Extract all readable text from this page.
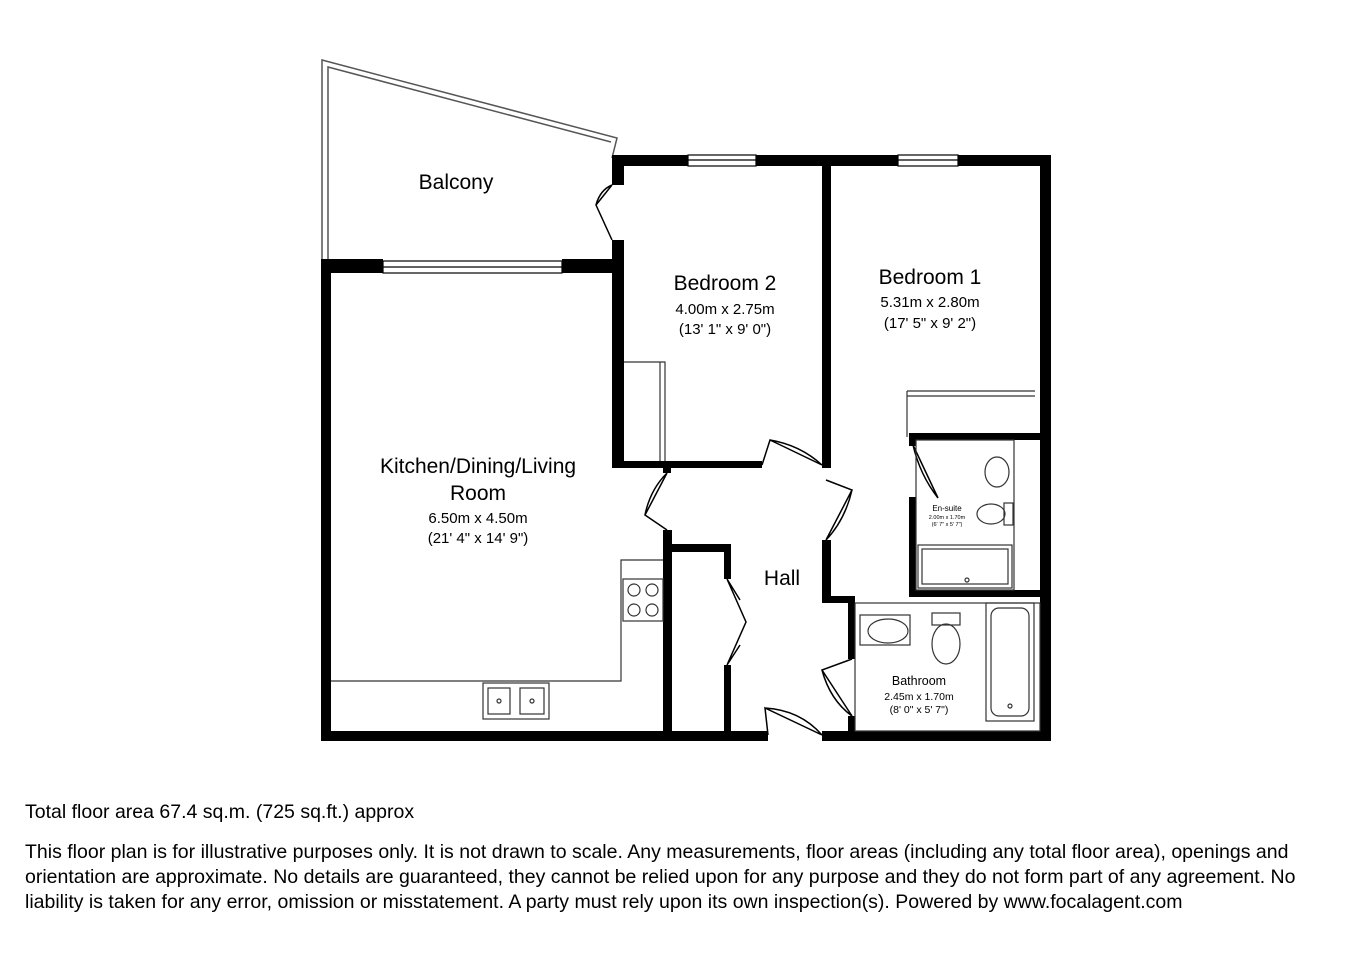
Balcony
Bedroom 2
4.00m x 2.75m
(13' 1" x 9' 0")
Bedroom 1
5.31m x 2.80m
(17' 5" x 9' 2")
Kitchen/Dining/Living
Room
6.50m x 4.50m
(21' 4" x 14' 9")
Hall
En-suite
2.00m x 1.70m
(6' 7" x 5' 7")
Bathroom
2.45m x 1.70m
(8' 0" x 5' 7")

Total floor area 67.4 sq.m. (725 sq.ft.) approx

This floor plan is for illustrative purposes only. It is not drawn to scale. Any measurements, floor areas (including any total floor area), openings and orientation are approximate. No details are guaranteed, they cannot be relied upon for any purpose and they do not form part of any agreement. No liability is taken for any error, omission or misstatement. A party must rely upon its own inspection(s). Powered by www.focalagent.com
